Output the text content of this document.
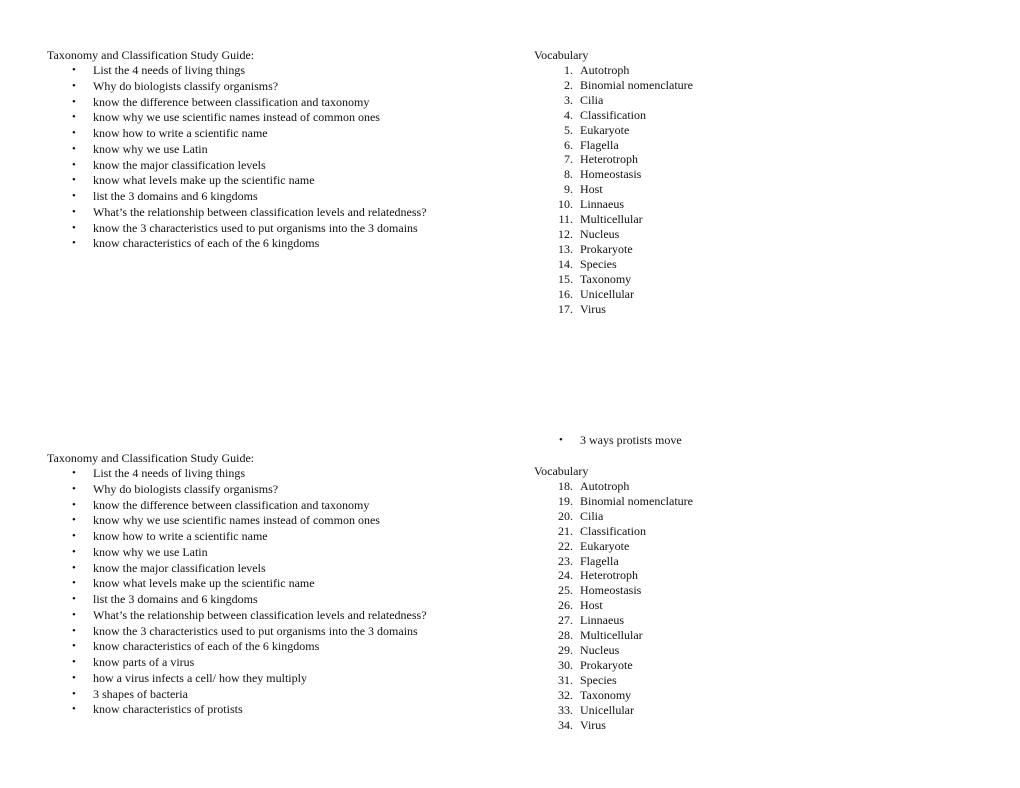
Taxonomy and Classification Study Guide:
• List the 4 needs of living things
• Why do biologists classify organisms?
• know the difference between classification and taxonomy
• know why we use scientific names instead of common ones
• know how to write a scientific name
• know why we use Latin
• know the major classification levels
• know what levels make up the scientific name
• list the 3 domains and 6 kingdoms
• What’s the relationship between classification levels and relatedness?
• know the 3 characteristics used to put organisms into the 3 domains
• know characteristics of each of the 6 kingdoms
Vocabulary
1. Autotroph
2. Binomial nomenclature
3. Cilia
4. Classification
5. Eukaryote
6. Flagella
7. Heterotroph
8. Homeostasis
9. Host
10. Linnaeus
11. Multicellular
12. Nucleus
13. Prokaryote
14. Species
15. Taxonomy
16. Unicellular
17. Virus
• 3 ways protists move
Taxonomy and Classification Study Guide:
• List the 4 needs of living things
• Why do biologists classify organisms?
• know the difference between classification and taxonomy
• know why we use scientific names instead of common ones
• know how to write a scientific name
• know why we use Latin
• know the major classification levels
• know what levels make up the scientific name
• list the 3 domains and 6 kingdoms
• What’s the relationship between classification levels and relatedness?
• know the 3 characteristics used to put organisms into the 3 domains
• know characteristics of each of the 6 kingdoms
• know parts of a virus
• how a virus infects a cell/ how they multiply
• 3 shapes of bacteria
• know characteristics of protists
Vocabulary
18. Autotroph
19. Binomial nomenclature
20. Cilia
21. Classification
22. Eukaryote
23. Flagella
24. Heterotroph
25. Homeostasis
26. Host
27. Linnaeus
28. Multicellular
29. Nucleus
30. Prokaryote
31. Species
32. Taxonomy
33. Unicellular
34. Virus
